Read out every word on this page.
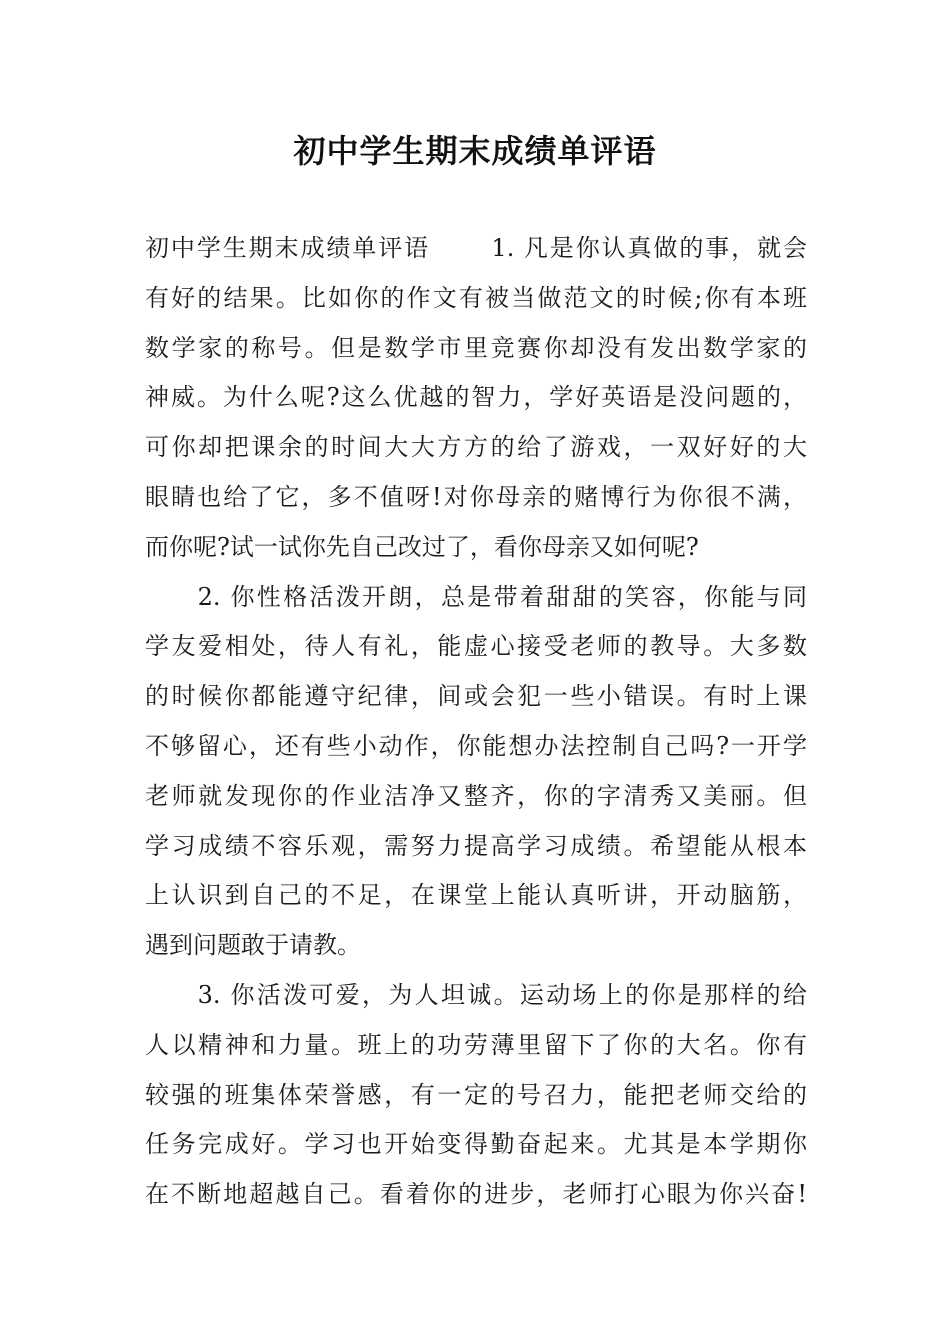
初中学生期末成绩单评语
初中学生期末成绩单评语　　 1. 凡是你认真做的事，就会
有好的结果。比如你的作文有被当做范文的时候;你有本班
数学家的称号。但是数学市里竞赛你却没有发出数学家的
神威。为什么呢?这么优越的智力，学好英语是没问题的，
可你却把课余的时间大大方方的给了游戏，一双好好的大
眼睛也给了它，多不值呀!对你母亲的赌博行为你很不满，
而你呢?试一试你先自己改过了，看你母亲又如何呢?
　　2. 你性格活泼开朗，总是带着甜甜的笑容，你能与同
学友爱相处，待人有礼，能虚心接受老师的教导。大多数
的时候你都能遵守纪律，间或会犯一些小错误。有时上课
不够留心，还有些小动作，你能想办法控制自己吗?一开学
老师就发现你的作业洁净又整齐，你的字清秀又美丽。但
学习成绩不容乐观，需努力提高学习成绩。希望能从根本
上认识到自己的不足，在课堂上能认真听讲，开动脑筋，
遇到问题敢于请教。
　　3. 你活泼可爱，为人坦诚。运动场上的你是那样的给
人以精神和力量。班上的功劳薄里留下了你的大名。你有
较强的班集体荣誉感，有一定的号召力，能把老师交给的
任务完成好。学习也开始变得勤奋起来。尤其是本学期你
在不断地超越自己。看着你的进步，老师打心眼为你兴奋!
